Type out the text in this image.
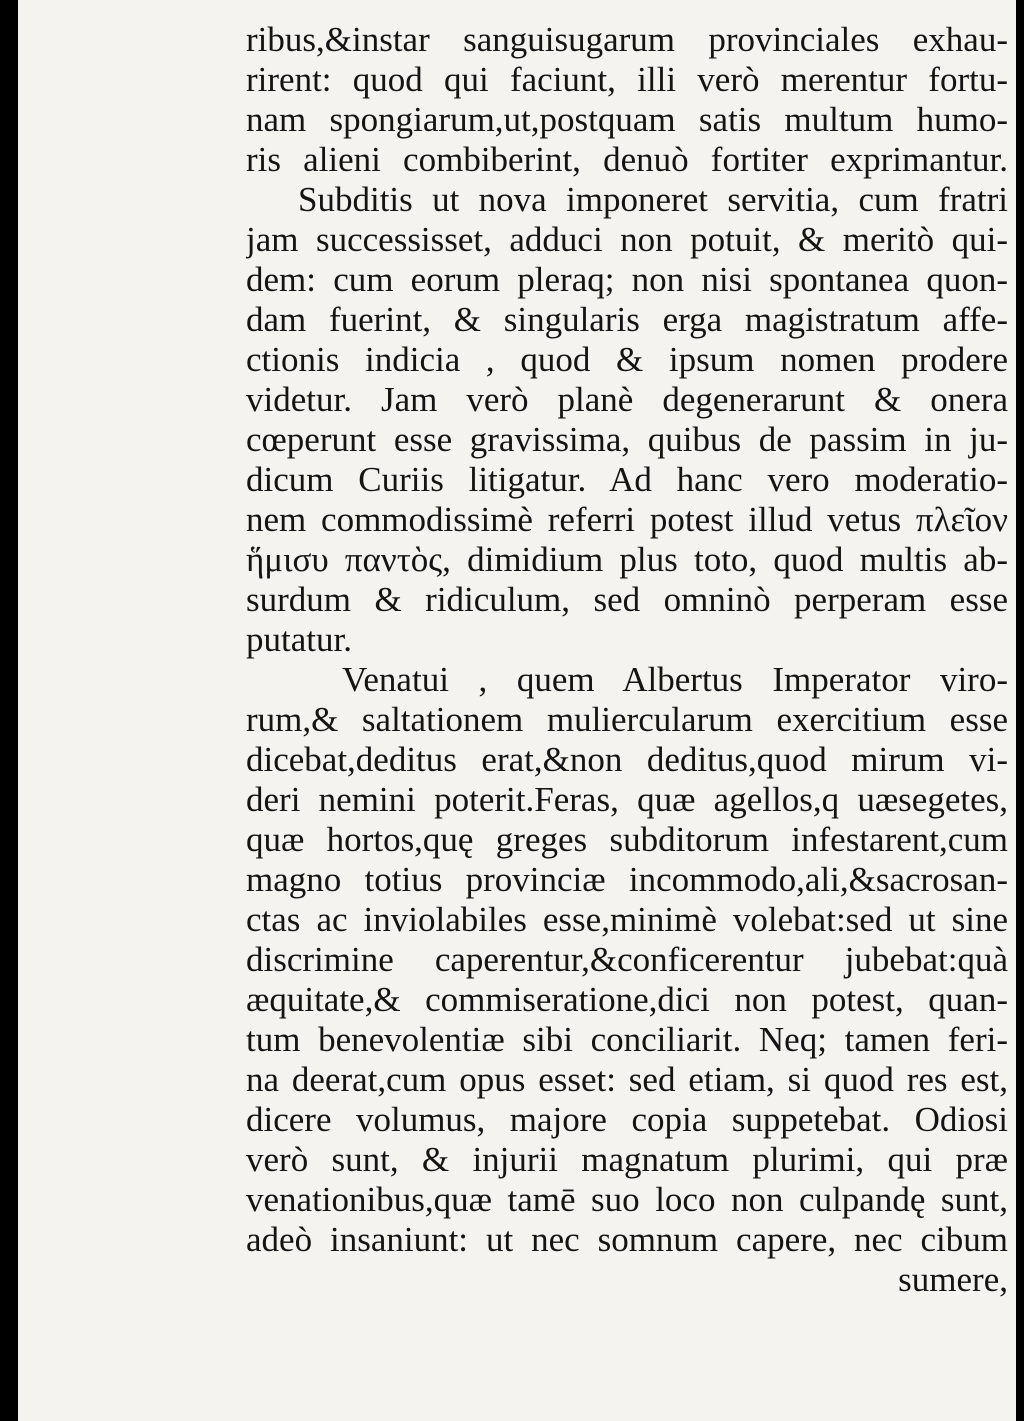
ribus,&instar sanguisugarum provinciales exhau-
rirent: quod qui faciunt, illi verò merentur fortu-
nam spongiarum,ut,postquam satis multum humo-
ris alieni combiberint, denuò fortiter exprimantur.
Subditis ut nova imponeret servitia, cum fratri
jam successisset, adduci non potuit, & meritò qui-
dem: cum eorum pleraq; non nisi spontanea quon-
dam fuerint, & singularis erga magistratum affe-
ctionis indicia , quod & ipsum nomen prodere
videtur. Jam verò planè degenerarunt & onera
cœperunt esse gravissima, quibus de passim in ju-
dicum Curiis litigatur. Ad hanc vero moderatio-
nem commodissimè referri potest illud vetus πλεῖον
ἥμισυ παντὸς, dimidium plus toto, quod multis ab-
surdum & ridiculum, sed omninò perperam esse
putatur.
Venatui , quem Albertus Imperator viro-
rum,& saltationem muliercularum exercitium esse
dicebat,deditus erat,&non deditus,quod mirum vi-
deri nemini poterit.Feras, quæ agellos,q uæsegetes,
quæ hortos,quę greges subditorum infestarent,cum
magno totius provinciæ incommodo,ali,&sacrosan-
ctas ac inviolabiles esse,minimè volebat:sed ut sine
discrimine caperentur,&conficerentur jubebat:quà
æquitate,& commiseratione,dici non potest, quan-
tum benevolentiæ sibi conciliarit. Neq; tamen feri-
na deerat,cum opus esset: sed etiam, si quod res est,
dicere volumus, majore copia suppetebat. Odiosi
verò sunt, & injurii magnatum plurimi, qui præ
venationibus,quæ tamē suo loco non culpandę sunt,
adeò insaniunt: ut nec somnum capere, nec cibum
sumere,
